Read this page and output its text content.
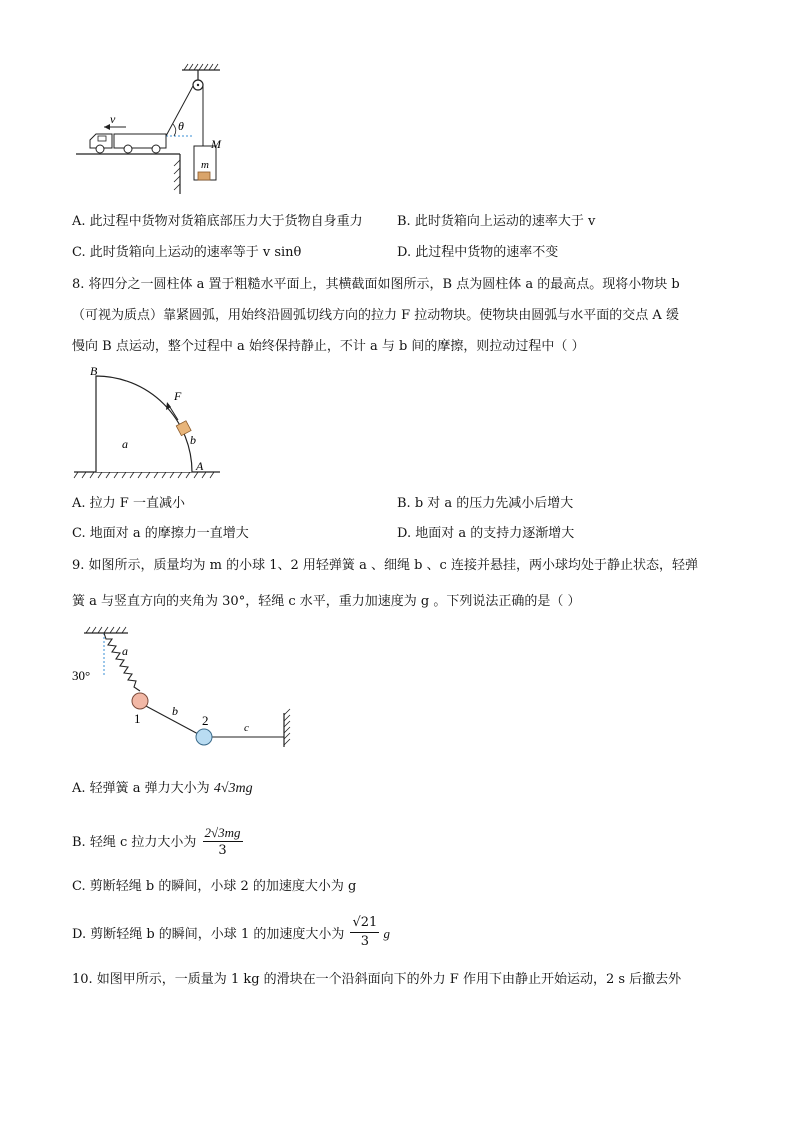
v	θ
M
m
A. 此过程中货物对货箱底部压力大于货物自身重力	B. 此时货箱向上运动的速率大于 v
C. 此时货箱向上运动的速率等于 v sinθ	D. 此过程中货物的速率不变
8. 将四分之一圆柱体 a 置于粗糙水平面上，其横截面如图所示，B 点为圆柱体 a 的最高点。现将小物块 b
（可视为质点）靠紧圆弧，用始终沿圆弧切线方向的拉力 F 拉动物块。使物块由圆弧与水平面的交点 A 缓
慢向 B 点运动，整个过程中 a 始终保持静止，不计 a 与 b 间的摩擦，则拉动过程中（ ）
F
B
a	b
A
A. 拉力 F 一直减小	B. b 对 a 的压力先减小后增大
C. 地面对 a 的摩擦力一直增大	D. 地面对 a 的支持力逐渐增大
9. 如图所示，质量均为 m 的小球 1、2 用轻弹簧 a 、细绳 b 、c 连接并悬挂，两小球均处于静止状态，轻弹
簧 a 与竖直方向的夹角为 30°，轻绳 c 水平，重力加速度为 g 。下列说法正确的是（ ）
a
30°
b
c
1	2
A. 轻弹簧 a 弹力大小为 4√3mg
B. 轻绳 c 拉力大小为 $\frac{2√3mg}{3}$
C. 剪断轻绳 b 的瞬间，小球 2 的加速度大小为 g
D. 剪断轻绳 b 的瞬间，小球 1 的加速度大小为 $\frac{√21}{3}$ g
10. 如图甲所示，一质量为 1 kg 的滑块在一个沿斜面向下的外力 F 作用下由静止开始运动，2 s 后撤去外
